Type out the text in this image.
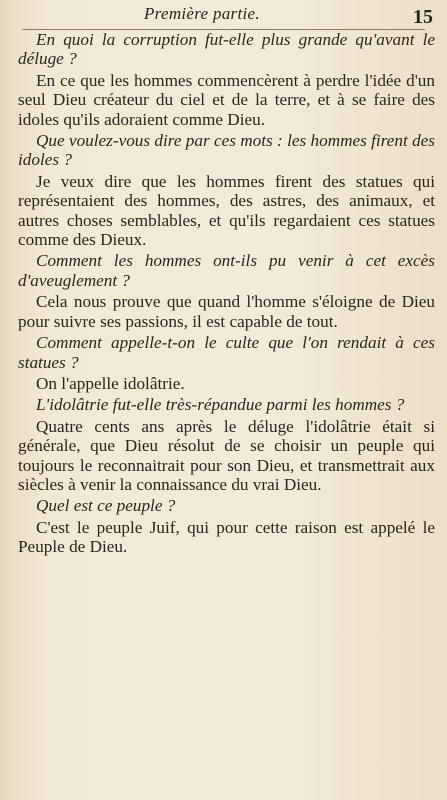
Première partie.	15

En quoi la corruption fut-elle plus grande qu'avant le déluge ?

En ce que les hommes commencèrent à perdre l'idée d'un seul Dieu créateur du ciel et de la terre, et à se faire des idoles qu'ils adoraient comme Dieu.

Que voulez-vous dire par ces mots : les hommes firent des idoles ?

Je veux dire que les hommes firent des statues qui représentaient des hommes, des astres, des animaux, et autres choses semblables, et qu'ils regardaient ces statues comme des Dieux.

Comment les hommes ont-ils pu venir à cet excès d'aveuglement ?

Cela nous prouve que quand l'homme s'éloigne de Dieu pour suivre ses passions, il est capable de tout.

Comment appelle-t-on le culte que l'on rendait à ces statues ?

On l'appelle idolâtrie.

L'idolâtrie fut-elle très-répandue parmi les hommes ?

Quatre cents ans après le déluge l'idolâtrie était si générale, que Dieu résolut de se choisir un peuple qui toujours le reconnaitrait pour son Dieu, et transmettrait aux siècles à venir la connaissance du vrai Dieu.

Quel est ce peuple ?

C'est le peuple Juif, qui pour cette raison est appelé le Peuple de Dieu.
